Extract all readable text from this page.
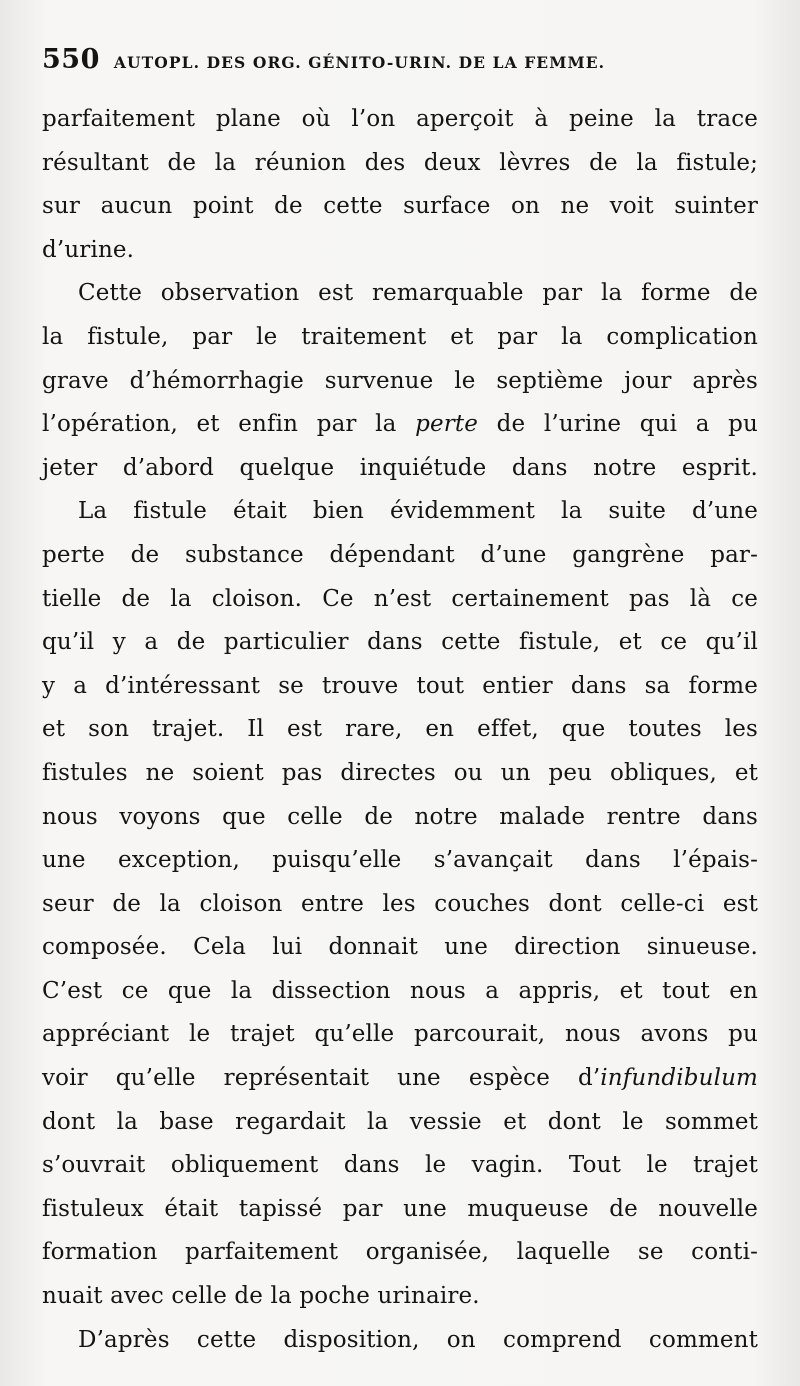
550 AUTOPL. DES ORG. GÉNITO-URIN. DE LA FEMME.
parfaitement plane où l’on aperçoit à peine la trace
résultant de la réunion des deux lèvres de la fistule;
sur aucun point de cette surface on ne voit suinter
d’urine.
Cette observation est remarquable par la forme de
la fistule, par le traitement et par la complication
grave d’hémorrhagie survenue le septième jour après
l’opération, et enfin par la perte de l’urine qui a pu
jeter d’abord quelque inquiétude dans notre esprit.
La fistule était bien évidemment la suite d’une
perte de substance dépendant d’une gangrène par-
tielle de la cloison. Ce n’est certainement pas là ce
qu’il y a de particulier dans cette fistule, et ce qu’il
y a d’intéressant se trouve tout entier dans sa forme
et son trajet. Il est rare, en effet, que toutes les
fistules ne soient pas directes ou un peu obliques, et
nous voyons que celle de notre malade rentre dans
une exception, puisqu’elle s’avançait dans l’épais-
seur de la cloison entre les couches dont celle-ci est
composée. Cela lui donnait une direction sinueuse.
C’est ce que la dissection nous a appris, et tout en
appréciant le trajet qu’elle parcourait, nous avons pu
voir qu’elle représentait une espèce d’infundibulum
dont la base regardait la vessie et dont le sommet
s’ouvrait obliquement dans le vagin. Tout le trajet
fistuleux était tapissé par une muqueuse de nouvelle
formation parfaitement organisée, laquelle se conti-
nuait avec celle de la poche urinaire.
D’après cette disposition, on comprend comment
